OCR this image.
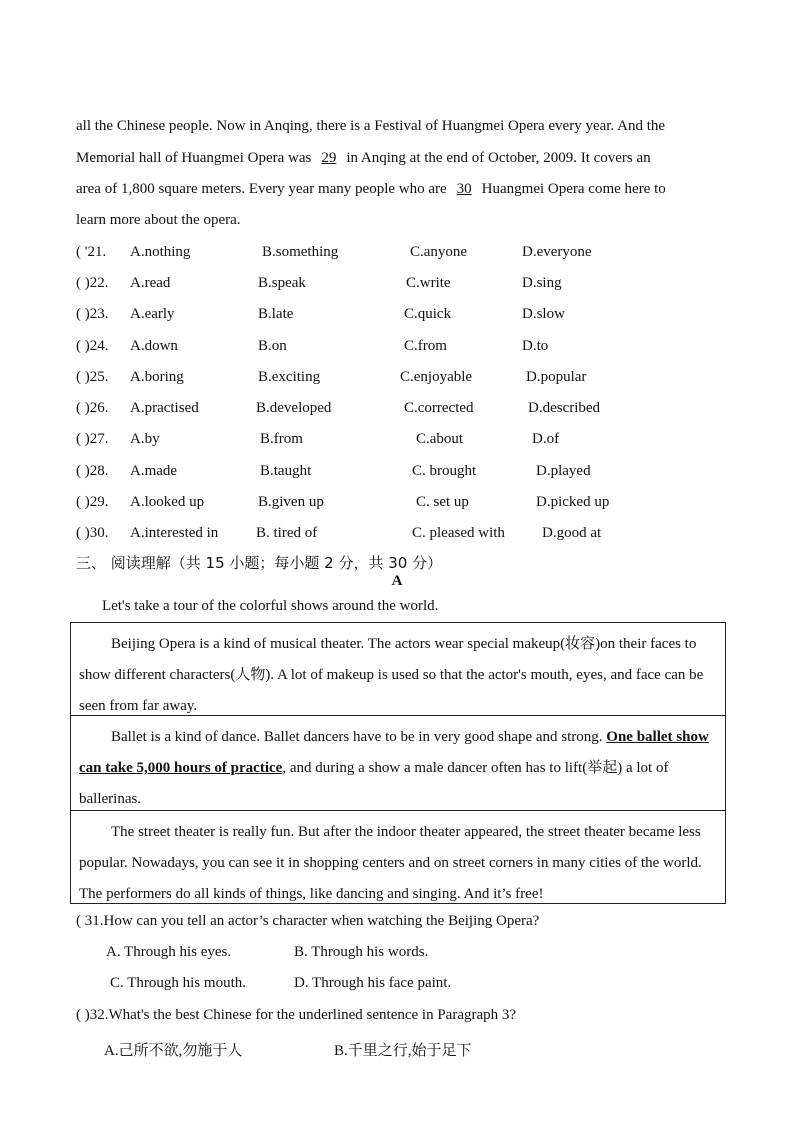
all the Chinese people. Now in Anqing, there is a Festival of Huangmei Opera every year. And the
Memorial hall of Huangmei Opera was 29 in Anqing at the end of October, 2009. It covers an
area of 1,800 square meters. Every year many people who are 30 Huangmei Opera come here to
learn more about the opera.
( '21. A.nothing	B.something	C.anyone	D.everyone
( )22. A.read	B.speak	C.write	D.sing
( )23. A.early	B.late	C.quick	D.slow
( )24. A.down	B.on	C.from	D.to
( )25. A.boring	B.exciting	C.enjoyable	D.popular
( )26. A.practised	B.developed	C.corrected	D.described
( )27. A.by	B.from	C.about	D.of
( )28. A.made	B.taught	C. brought	D.played
( )29. A.looked up	B.given up	C. set up	D.picked up
( )30. A.interested in	B. tired of	C. pleased with D.good at
三、 阅读理解（共 15 小题；每小题 2 分，共 30 分）
A
Let's take a tour of the colorful shows around the world.

Beijing Opera is a kind of musical theater. The actors wear special makeup(妆容)on their faces to show different characters(人物). A lot of makeup is used so that the actor's mouth, eyes, and face can be seen from far away.

Ballet is a kind of dance. Ballet dancers have to be in very good shape and strong. One ballet show can take 5,000 hours of practice, and during a show a male dancer often has to lift(举起) a lot of ballerinas.

The street theater is really fun. But after the indoor theater appeared, the street theater became less popular. Nowadays, you can see it in shopping centers and on street corners in many cities of the world. The performers do all kinds of things, like dancing and singing. And it’s free!

( 31.How can you tell an actor’s character when watching the Beijing Opera?
A. Through his eyes.	B. Through his words.
C. Through his mouth.	D. Through his face paint.
( )32.What's the best Chinese for the underlined sentence in Paragraph 3?
A.己所不欲,勿施于人	B.千里之行,始于足下
